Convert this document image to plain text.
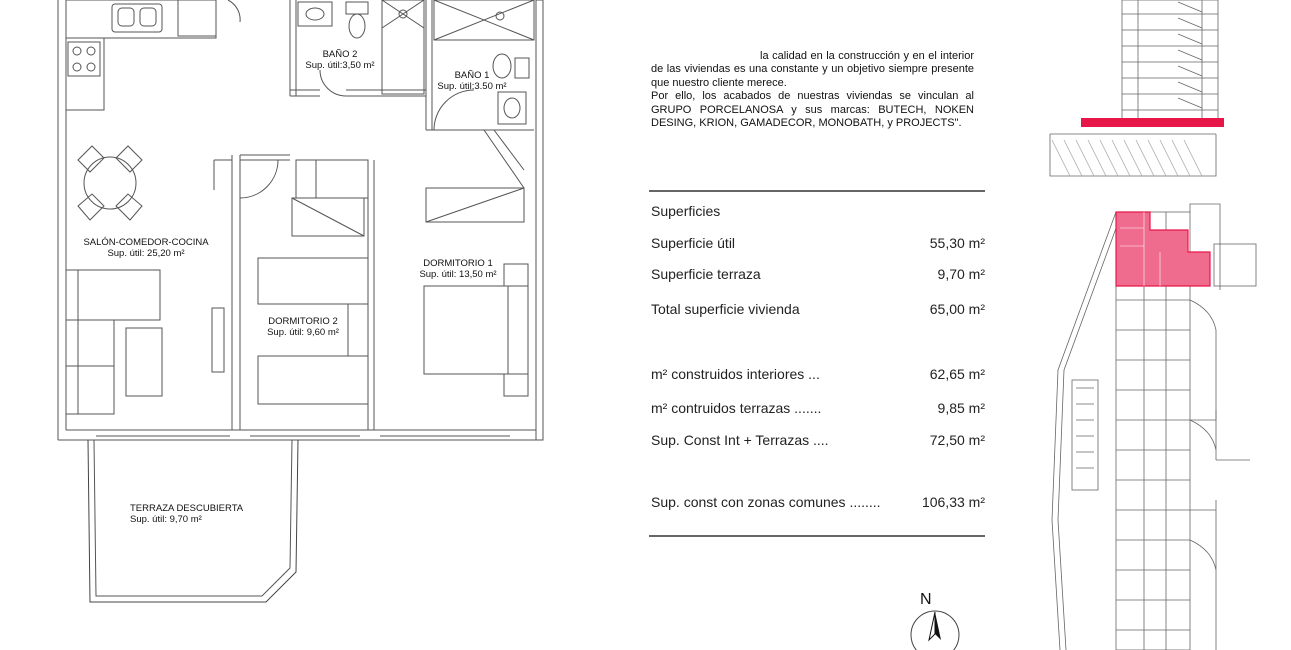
BAÑO 2
Sup. útil:3,50 m²
BAÑO 1
Sup. útil:3.50 m²
SALÓN-COMEDOR-COCINA
Sup. útil: 25,20 m²
DORMITORIO 1
Sup. útil: 13,50 m²
DORMITORIO 2
Sup. útil: 9,60 m²
TERRAZA DESCUBIERTA
Sup. útil: 9,70 m²

la calidad en la construcción y en el interior de las viviendas es una constante y un objetivo siempre presente que nuestro cliente merece.

Por ello, los acabados de nuestras viviendas se vinculan al GRUPO PORCELANOSA y sus marcas: BUTECH, NOKEN DESING, KRION, GAMADECOR, MONOBATH, y PROJECTS".

Superficies
Superficie útil	55,30 m²
Superficie terraza	9,70 m²
Total superficie vivienda	65,00 m²
m² construidos interiores ...	62,65 m²
m² contruidos terrazas .......	9,85 m²
Sup. Const Int + Terrazas ....	72,50 m²
Sup. const con zonas comunes ........	106,33 m²
N
